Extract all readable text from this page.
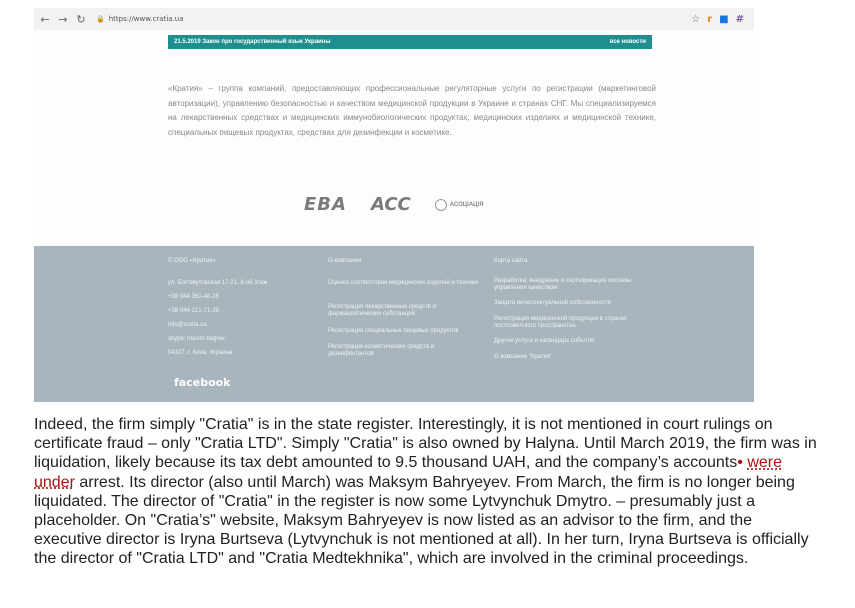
← → ↻	🔒 https://www.cratia.ua	☆ r ■ #
21.5.2019 Закон про государственный язык Украины	все новости
«Кратия» – группа компаний, предоставляющих профессиональные регуляторные услуги по регистрации (маркетинговой авторизации), управлению безопасностью и качеством медицинской продукции в Украине и странах СНГ. Мы специализируемся на лекарственных средствах и медицинских иммунобиологических продуктах, медицинских изделиях и медицинской технике, специальных пищевых продуктах, средствах для дезинфекции и косметике.
EBA ACC	АСОЦІАЦІЯ
© ООО «Кратия»
ул. Богговутовская 17-21, 6-ой этаж
+38 044 361-48-28
+38 044 221-71-29
info@cratia.ua
skype: maxim.bagrev
04107, г. Киев, Украина
О компании
Оценка соответствия медицинских изделий и техники
Регистрация лекарственных средств и фармацевтических субстанций
Регистрация специальных пищевых продуктов
Регистрация косметических средств и дезинфектантов
Карта сайта
Разработка, внедрение и сертификация системы управления качеством
Защита интеллектуальной собственности
Регистрация медицинской продукции в странах постсоветского пространства
Другие услуги и календарь событий
О компании "Кратия"
facebook

Indeed, the firm simply "Cratia" is in the state register. Interestingly, it is not mentioned in court rulings on certificate fraud – only "Cratia LTD". Simply "Cratia" is also owned by Halyna. Until March 2019, the firm was in liquidation, likely because its tax debt amounted to 9.5 thousand UAH, and the company’s accounts• were under arrest. Its director (also until March) was Maksym Bahryeyev. From March, the firm is no longer being liquidated. The director of "Cratia" in the register is now some Lytvynchuk Dmytro. – presumably just a placeholder. On "Cratia’s" website, Maksym Bahryeyev is now listed as an advisor to the firm, and the executive director is Iryna Burtseva (Lytvynchuk is not mentioned at all). In her turn, Iryna Burtseva is officially the director of "Cratia LTD" and "Cratia Medtekhnika", which are involved in the criminal proceedings.
